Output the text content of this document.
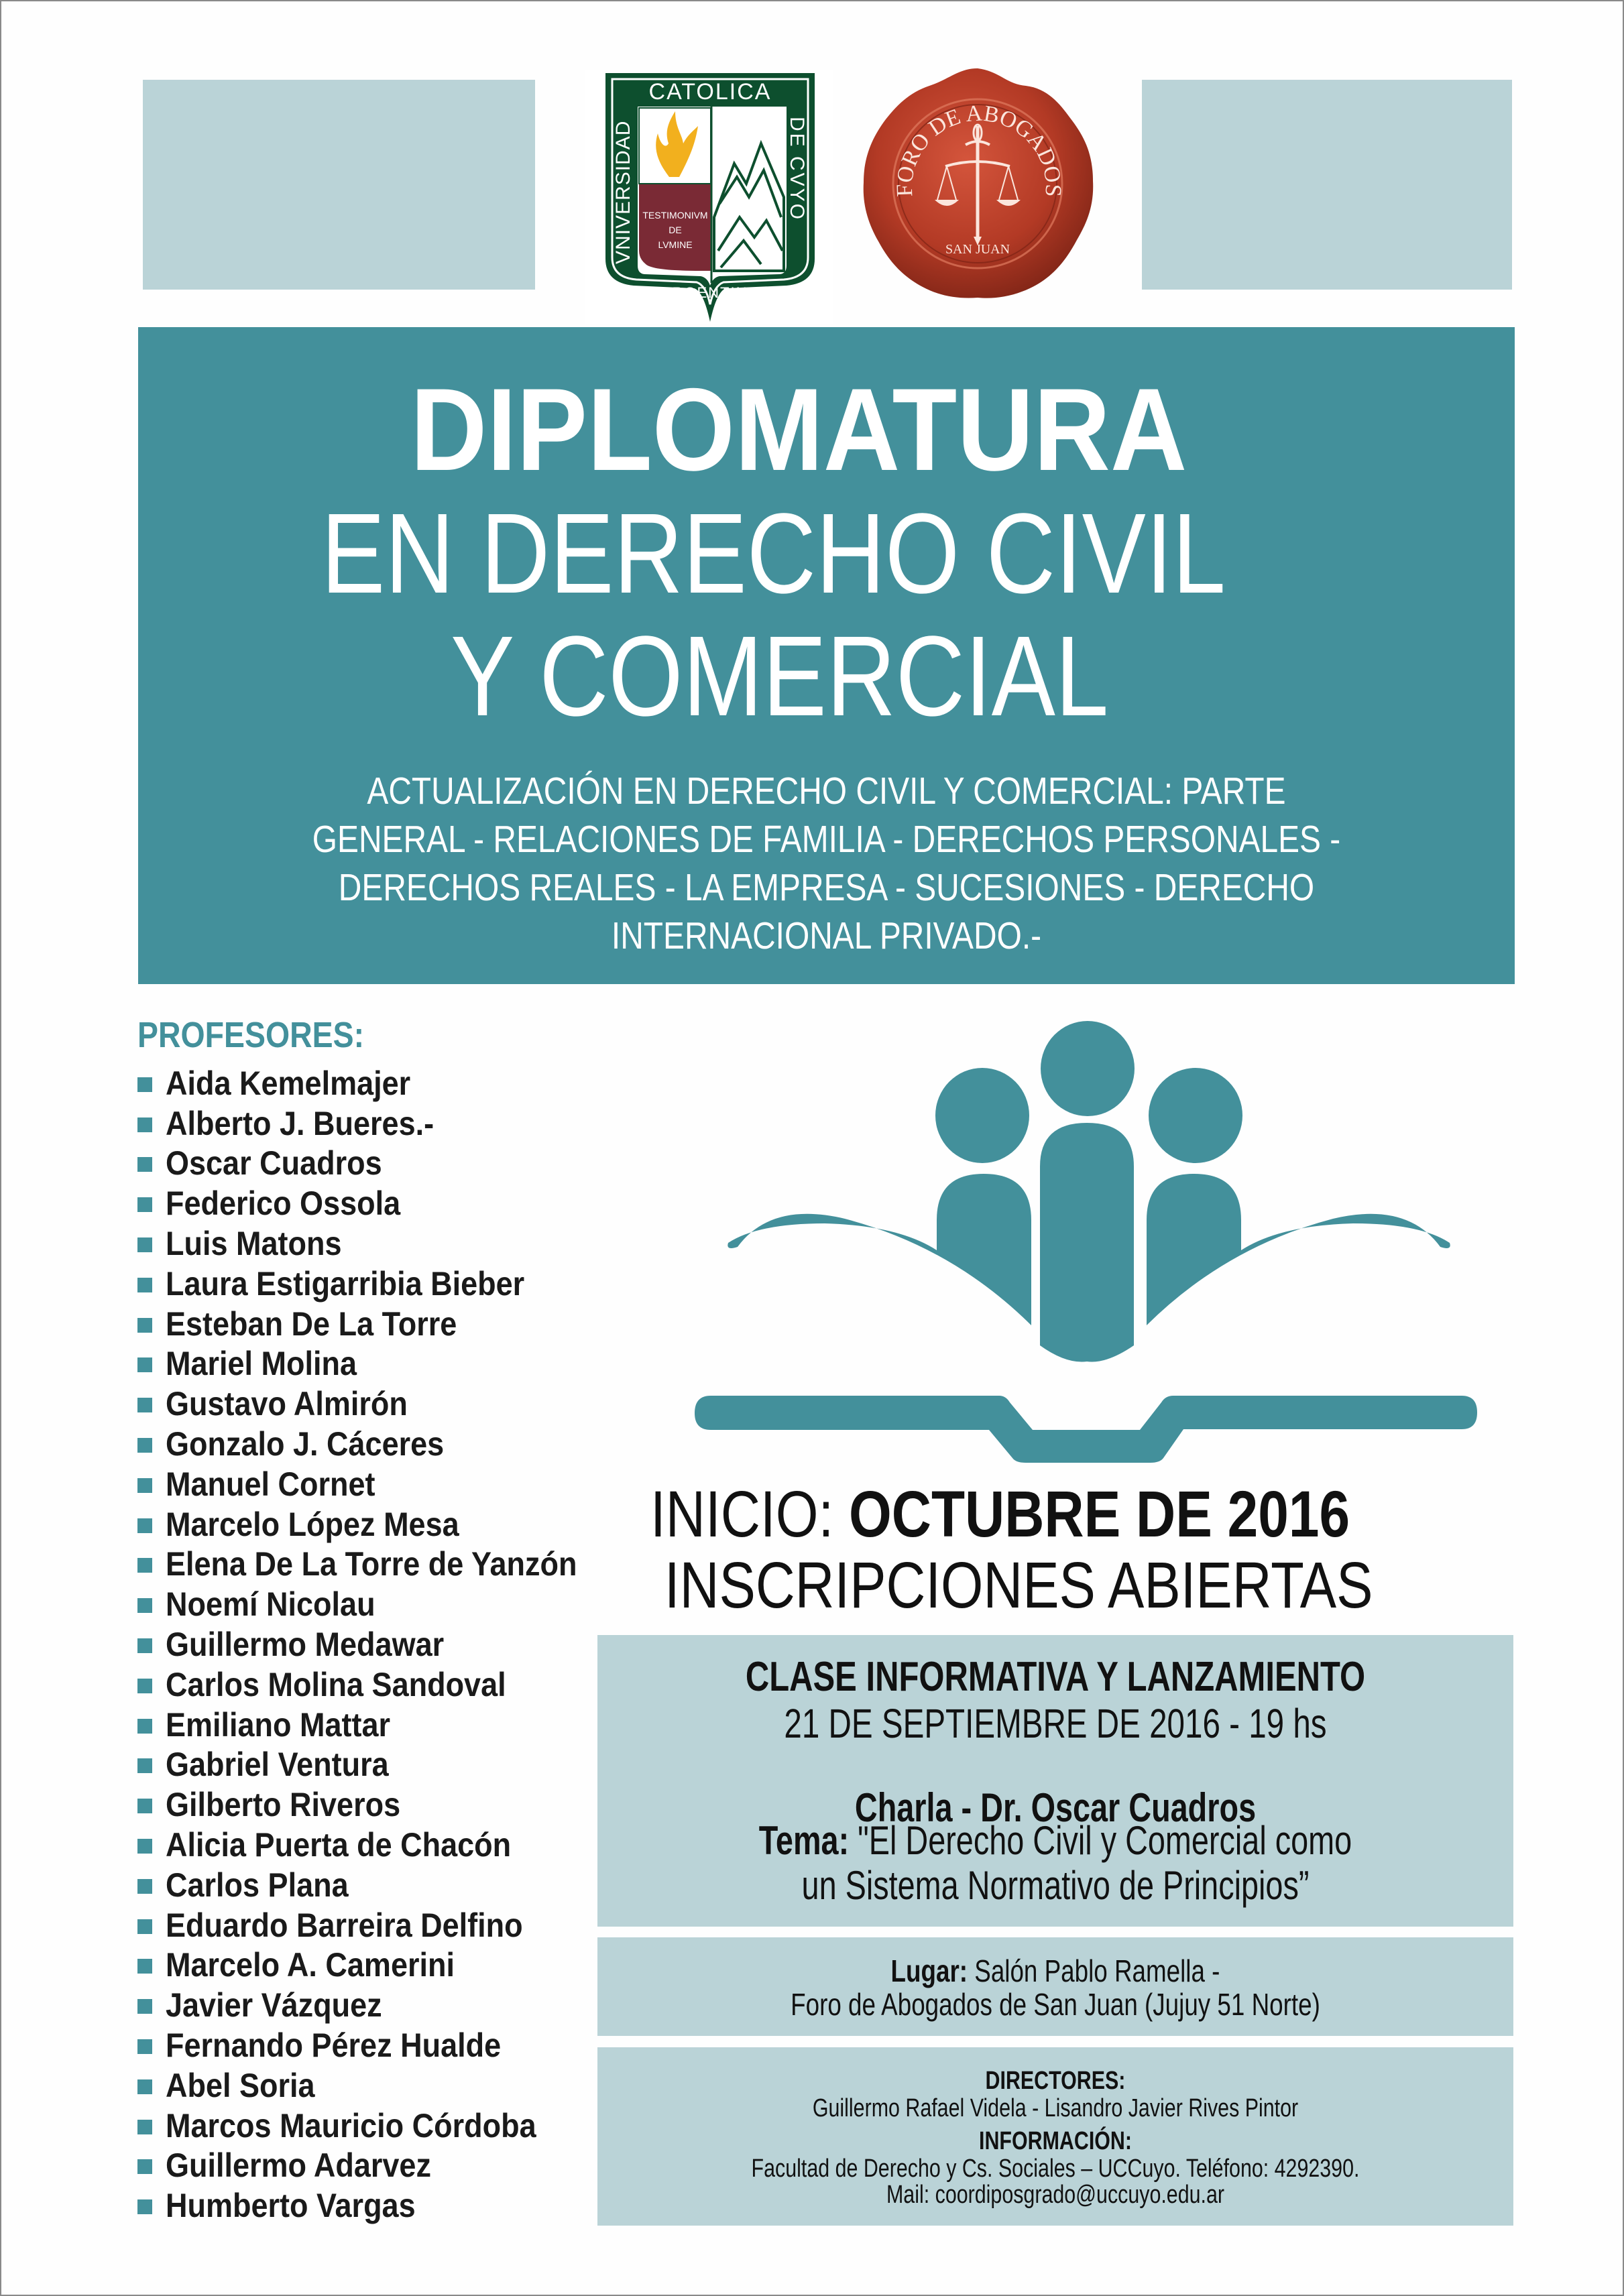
CATOLICA
ARGENTINA
VNIVERSIDAD	DE CVYO
TESTIMONIVM
DE
LVMINE
FORO DE ABOGADOS
SAN JUAN
DIPLOMATURA
EN DERECHO CIVIL
Y COMERCIAL
ACTUALIZACIÓN EN DERECHO CIVIL Y COMERCIAL: PARTE
GENERAL - RELACIONES DE FAMILIA - DERECHOS PERSONALES -
DERECHOS REALES - LA EMPRESA - SUCESIONES - DERECHO
INTERNACIONAL PRIVADO.-
PROFESORES:
Aida Kemelmajer
Alberto J. Bueres.-
Oscar Cuadros
Federico Ossola
Luis Matons
Laura Estigarribia Bieber
Esteban De La Torre
Mariel Molina
Gustavo Almirón
Gonzalo J. Cáceres
Manuel Cornet
Marcelo López Mesa
Elena De La Torre de Yanzón
Noemí Nicolau
Guillermo Medawar
Carlos Molina Sandoval
Emiliano Mattar
Gabriel Ventura
Gilberto Riveros
Alicia Puerta de Chacón
Carlos Plana
Eduardo Barreira Delfino
Marcelo A. Camerini
Javier Vázquez
Fernando Pérez Hualde
Abel Soria
Marcos Mauricio Córdoba
Guillermo Adarvez
Humberto Vargas
INICIO: OCTUBRE DE 2016
INSCRIPCIONES ABIERTAS
CLASE INFORMATIVA Y LANZAMIENTO
21 DE SEPTIEMBRE DE 2016 - 19 hs
Charla - Dr. Oscar Cuadros
Tema: "El Derecho Civil y Comercial como
un Sistema Normativo de Principios”
Lugar: Salón Pablo Ramella -
Foro de Abogados de San Juan (Jujuy 51 Norte)
DIRECTORES:
Guillermo Rafael Videla - Lisandro Javier Rives Pintor
INFORMACIÓN:
Facultad de Derecho y Cs. Sociales – UCCuyo. Teléfono: 4292390.
Mail: coordiposgrado@uccuyo.edu.ar
